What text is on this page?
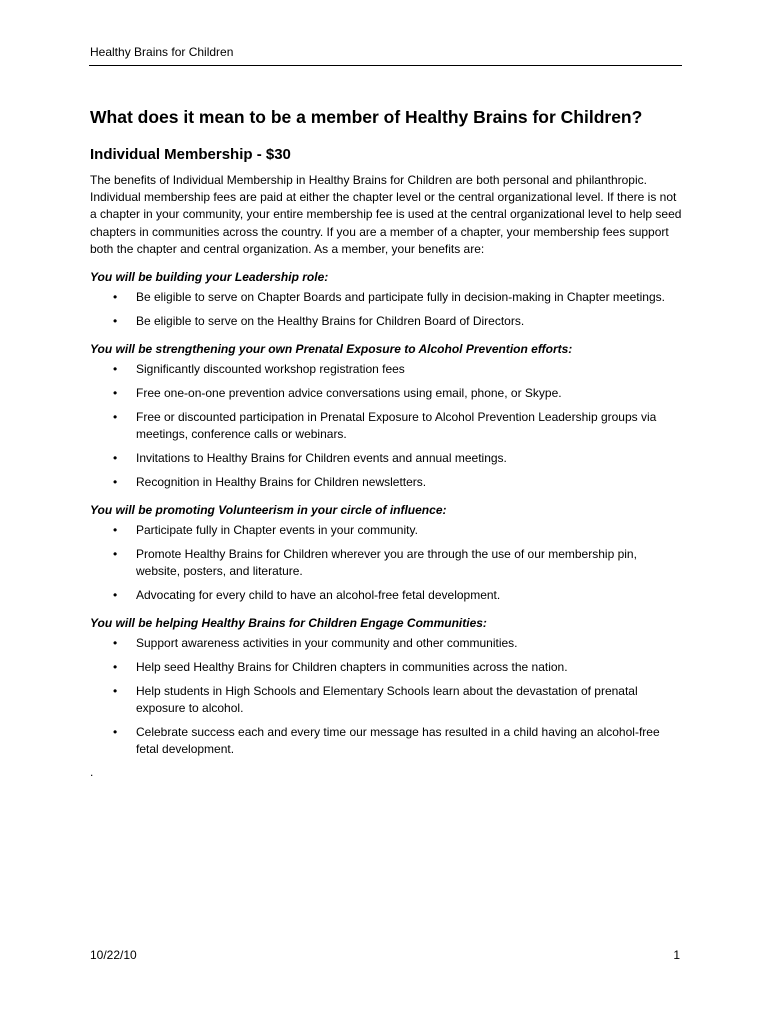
Healthy Brains for Children
What does it mean to be a member of Healthy Brains for Children?
Individual Membership - $30

The benefits of Individual Membership in Healthy Brains for Children are both personal and philanthropic. Individual membership fees are paid at either the chapter level or the central organizational level. If there is not a chapter in your community, your entire membership fee is used at the central organizational level to help seed chapters in communities across the country. If you are a member of a chapter, your membership fees support both the chapter and central organization. As a member, your benefits are:

You will be building your Leadership role:

• Be eligible to serve on Chapter Boards and participate fully in decision-making in Chapter meetings.
• Be eligible to serve on the Healthy Brains for Children Board of Directors.

You will be strengthening your own Prenatal Exposure to Alcohol Prevention efforts:

• Significantly discounted workshop registration fees
• Free one-on-one prevention advice conversations using email, phone, or Skype.
• Free or discounted participation in Prenatal Exposure to Alcohol Prevention Leadership groups via meetings, conference calls or webinars.
• Invitations to Healthy Brains for Children events and annual meetings.
• Recognition in Healthy Brains for Children newsletters.

You will be promoting Volunteerism in your circle of influence:

• Participate fully in Chapter events in your community.
• Promote Healthy Brains for Children wherever you are through the use of our membership pin, website, posters, and literature.
• Advocating for every child to have an alcohol-free fetal development.

You will be helping Healthy Brains for Children Engage Communities:

• Support awareness activities in your community and other communities.
• Help seed Healthy Brains for Children chapters in communities across the nation.
• Help students in High Schools and Elementary Schools learn about the devastation of prenatal exposure to alcohol.
• Celebrate success each and every time our message has resulted in a child having an alcohol-free fetal development.

.

10/22/10	1
